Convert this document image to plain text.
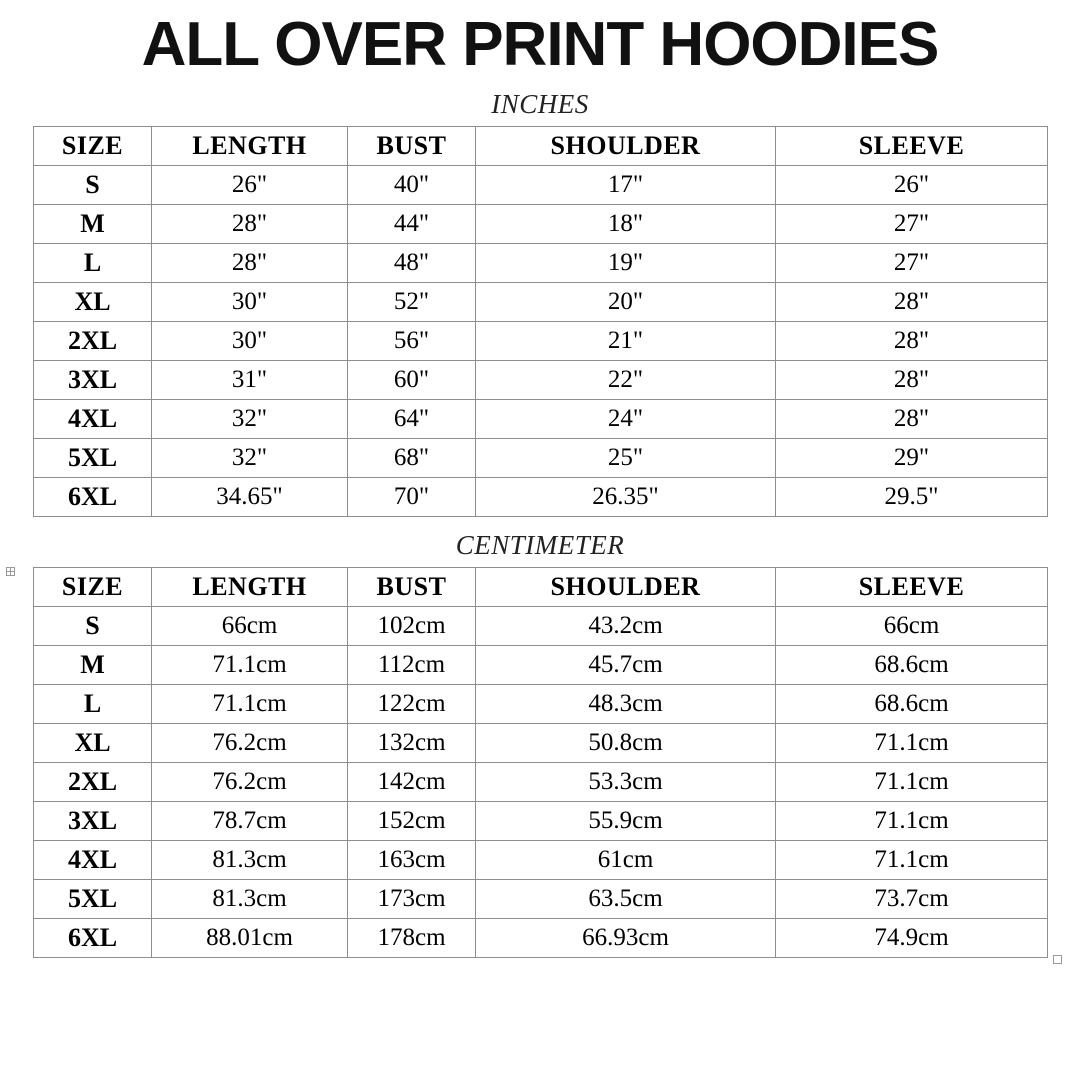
ALL OVER PRINT HOODIES
INCHES
SIZE	LENGTH	BUST	SHOULDER	SLEEVE
S	26"	40"	17"	26"
M	28"	44"	18"	27"
L	28"	48"	19"	27"
XL	30"	52"	20"	28"
2XL	30"	56"	21"	28"
3XL	31"	60"	22"	28"
4XL	32"	64"	24"	28"
5XL	32"	68"	25"	29"
6XL	34.65"	70"	26.35"	29.5"
CENTIMETER
SIZE	LENGTH	BUST	SHOULDER	SLEEVE
S	66cm	102cm	43.2cm	66cm
M	71.1cm	112cm	45.7cm	68.6cm
L	71.1cm	122cm	48.3cm	68.6cm
XL	76.2cm	132cm	50.8cm	71.1cm
2XL	76.2cm	142cm	53.3cm	71.1cm
3XL	78.7cm	152cm	55.9cm	71.1cm
4XL	81.3cm	163cm	61cm	71.1cm
5XL	81.3cm	173cm	63.5cm	73.7cm
6XL	88.01cm	178cm	66.93cm	74.9cm
